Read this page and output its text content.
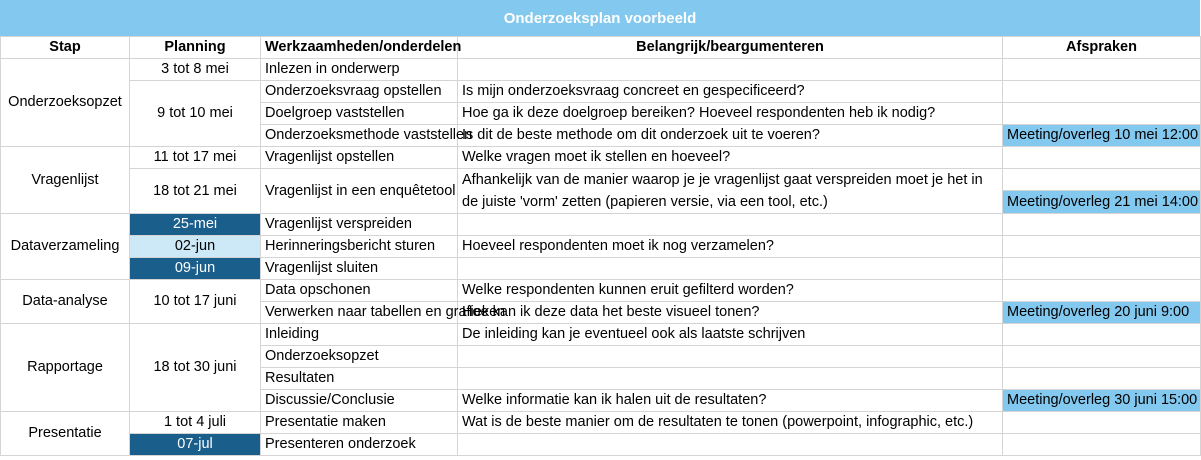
Onderzoeksplan voorbeeld
Stap	Planning	Werkzaamheden/onderdelen	Belangrijk/beargumenteren	Afspraken
Onderzoeksopzet	3 tot 8 mei	Inlezen in onderwerp		
	9 tot 10 mei	Onderzoeksvraag opstellen	Is mijn onderzoeksvraag concreet en gespecificeerd?	
		Doelgroep vaststellen	Hoe ga ik deze doelgroep bereiken? Hoeveel respondenten heb ik nodig?	
		Onderzoeksmethode vaststellen	Is dit de beste methode om dit onderzoek uit te voeren?	Meeting/overleg 10 mei 12:00
Vragenlijst	11 tot 17 mei	Vragenlijst opstellen	Welke vragen moet ik stellen en hoeveel?	
	18 tot 21 mei	Vragenlijst in een enquêtetool	Afhankelijk van de manier waarop je je vragenlijst gaat verspreiden moet je het in de juiste 'vorm' zetten (papieren versie, via een tool, etc.)	
				Meeting/overleg 21 mei 14:00
Dataverzameling	25-mei	Vragenlijst verspreiden		
	02-jun	Herinneringsbericht sturen	Hoeveel respondenten moet ik nog verzamelen?	
	09-jun	Vragenlijst sluiten		
Data-analyse	10 tot 17 juni	Data opschonen	Welke respondenten kunnen eruit gefilterd worden?	
		Verwerken naar tabellen en grafieken	Hoe kan ik deze data het beste visueel tonen?	Meeting/overleg 20 juni 9:00
Rapportage	18 tot 30 juni	Inleiding	De inleiding kan je eventueel ook als laatste schrijven	
		Onderzoeksopzet		
		Resultaten		
		Discussie/Conclusie	Welke informatie kan ik halen uit de resultaten?	Meeting/overleg 30 juni 15:00
Presentatie	1 tot 4 juli	Presentatie maken	Wat is de beste manier om de resultaten te tonen (powerpoint, infographic, etc.)	
	07-jul	Presenteren onderzoek		
